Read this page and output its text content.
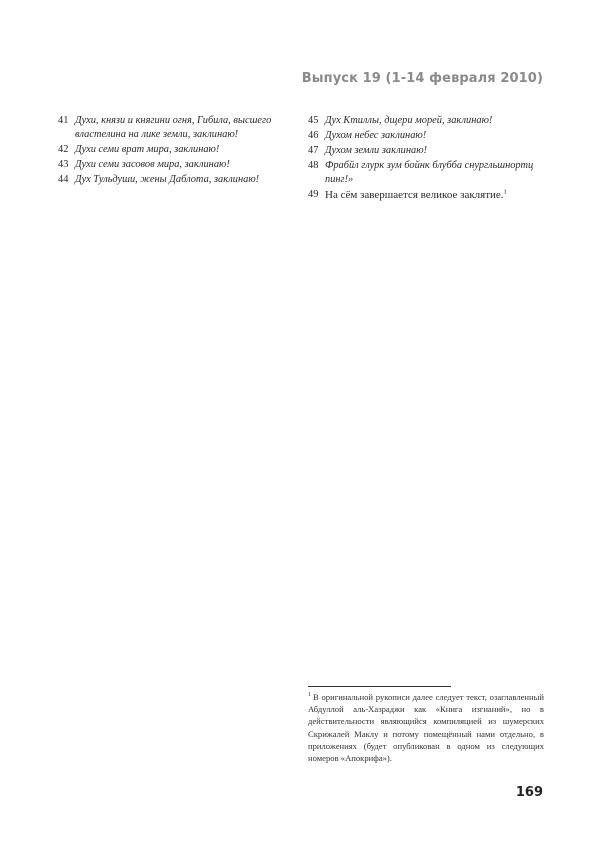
Выпуск 19 (1-14 февраля 2010)
41 Духи, князи и княгини огня, Гибила, высшего властелина на лике земли, заклинаю!
42 Духи семи врат мира, заклинаю!
43 Духи семи засовов мира, заклинаю!
44 Дух Тульдуши, жены Даблота, заклинаю!
45 Дух Ктиллы, дщери морей, заклинаю!
46 Духом небес заклинаю!
47 Духом земли заклинаю!
48 Фрабйл глурк зум бойнк блубба снургльшнортц пинг!»
49 На сём завершается великое заклятие.$^1$
$^1$ В оригинальной рукописи далее следует текст, озаглавленный Абдуллой аль-Хазраджи как «Книга изгнаний», но в действительности являющийся компиляцией из шумерских Скрижалей Маклу и потому помещённый нами отдельно, в приложениях (будет опубликован в одном из следующих номеров «Апокрифа»).
169
